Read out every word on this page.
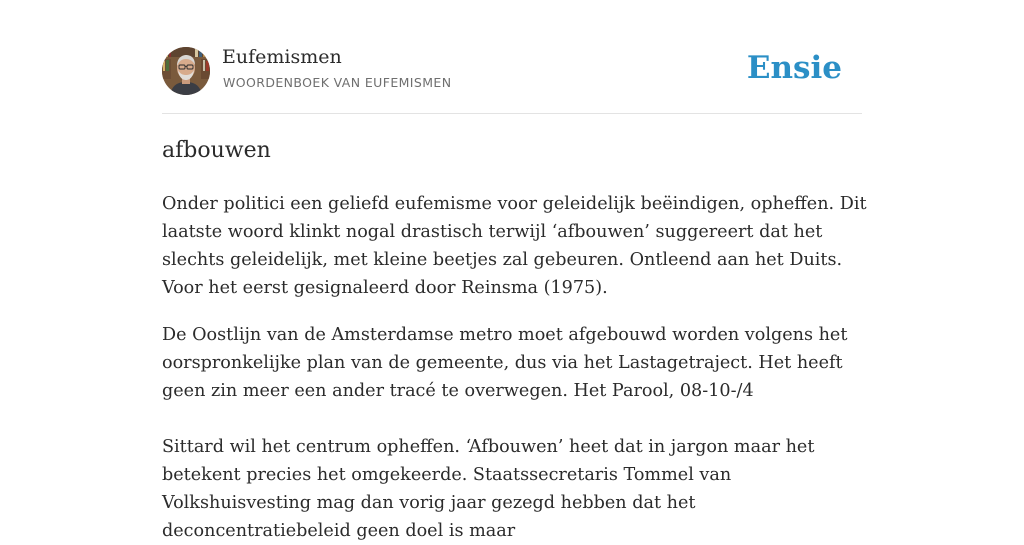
Eufemismen
WOORDENBOEK VAN EUFEMISMEN	Ensie
afbouwen

Onder politici een geliefd eufemisme voor geleidelijk beëindigen, opheffen. Dit laatste woord klinkt nogal drastisch terwijl ‘afbouwen’ suggereert dat het slechts geleidelijk, met kleine beetjes zal gebeuren. Ontleend aan het Duits. Voor het eerst gesignaleerd door Reinsma (1975).

De Oostlijn van de Amsterdamse metro moet afgebouwd worden volgens het oorspronkelijke plan van de gemeente, dus via het Lastagetraject. Het heeft geen zin meer een ander tracé te overwegen. Het Parool, 08-10-/4

Sittard wil het centrum opheffen. ‘Afbouwen’ heet dat in jargon maar het betekent precies het omgekeerde. Staatssecretaris Tommel van Volkshuisvesting mag dan vorig jaar gezegd hebben dat het deconcentratiebeleid geen doel is maar
